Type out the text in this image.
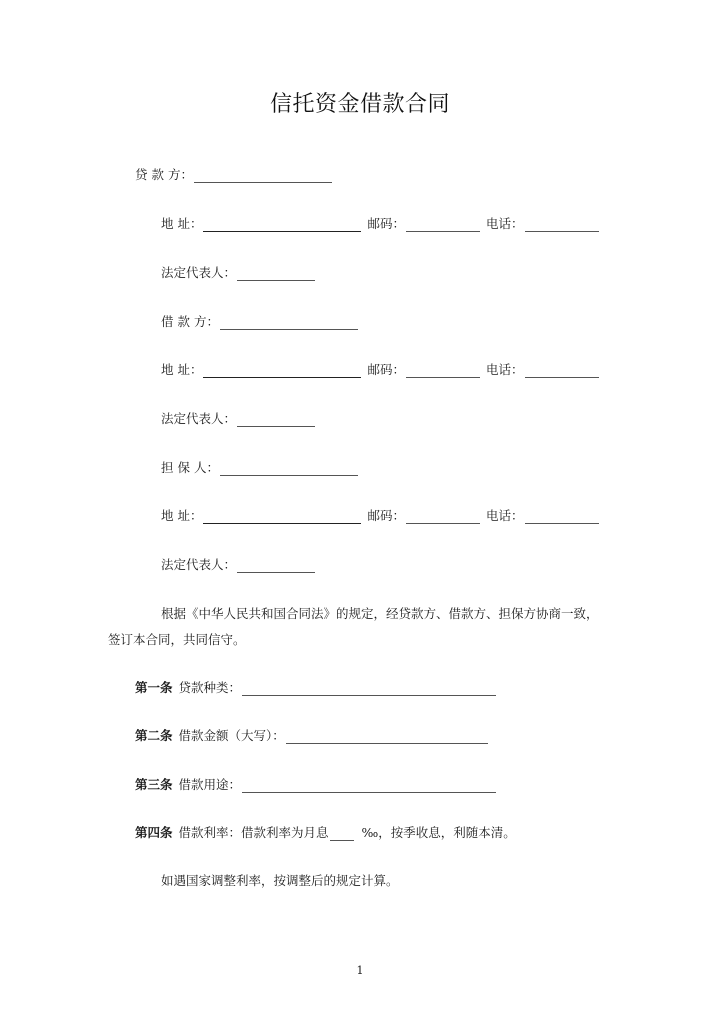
信托资金借款合同
贷 款 方：
地 址：	邮码：	电话：
法定代表人：
借 款 方：
地 址：	邮码：	电话：
法定代表人：
担 保 人：
地 址：	邮码：	电话：
法定代表人：
根据《中华人民共和国合同法》的规定，经贷款方、借款方、担保方协商一致，
签订本合同，共同信守。
第一条 贷款种类：
第二条 借款金额（大写）：
第三条 借款用途：
第四条 借款利率：借款利率为月息	‰，按季收息，利随本清。
如遇国家调整利率，按调整后的规定计算。
1
